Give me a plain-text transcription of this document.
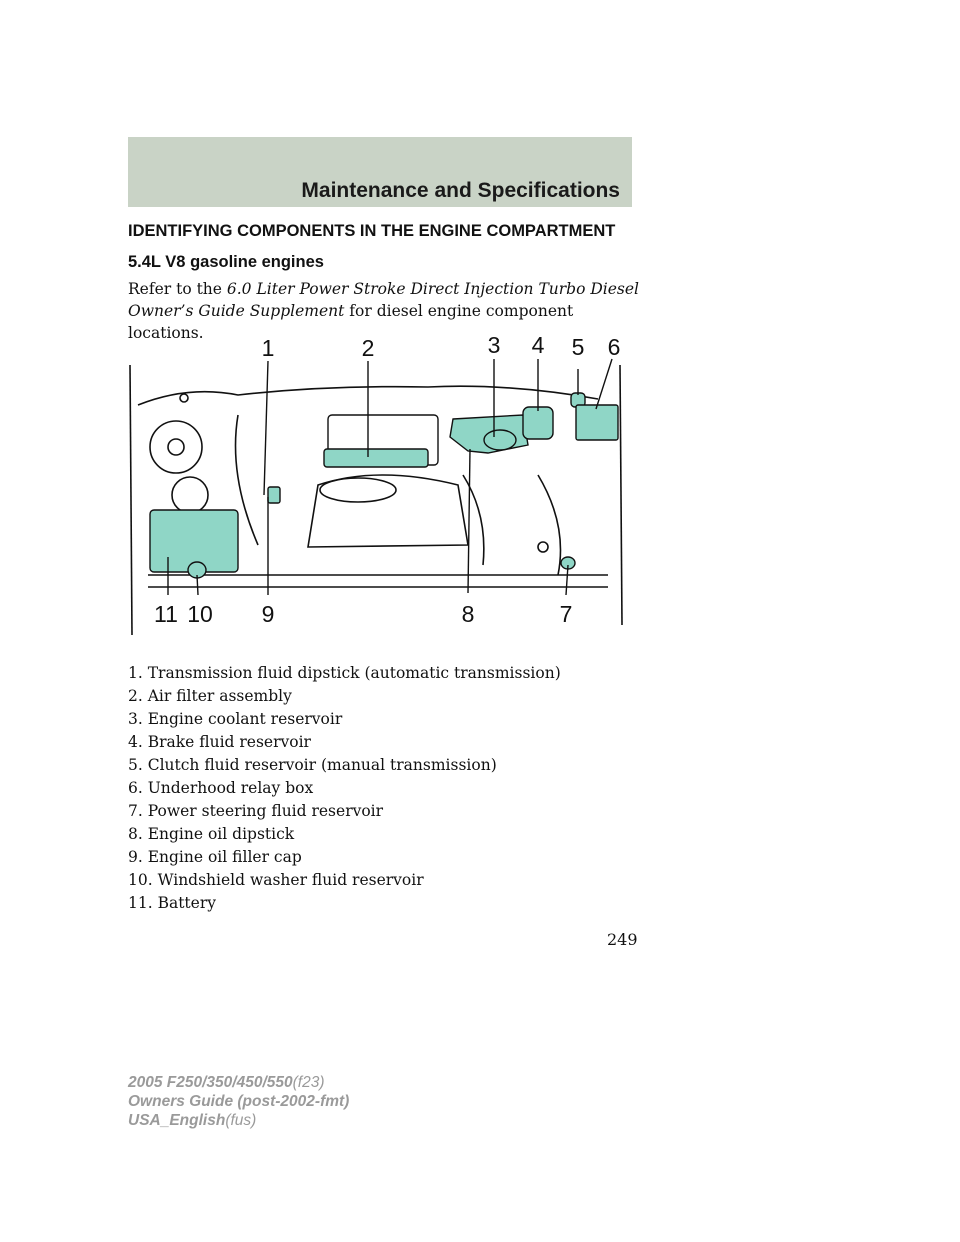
Maintenance and Specifications
IDENTIFYING COMPONENTS IN THE ENGINE COMPARTMENT
5.4L V8 gasoline engines
Refer to the 6.0 Liter Power Stroke Direct Injection Turbo Diesel Owner’s Guide Supplement for diesel engine component locations.
1	2	3 4 5 6
7
8
9
10
11
1. Transmission fluid dipstick (automatic transmission)
2. Air filter assembly
3. Engine coolant reservoir
4. Brake fluid reservoir
5. Clutch fluid reservoir (manual transmission)
6. Underhood relay box
7. Power steering fluid reservoir
8. Engine oil dipstick
9. Engine oil filler cap
10. Windshield washer fluid reservoir
11. Battery
249
2005 F250/350/450/550(f23)
Owners Guide (post-2002-fmt)
USA_English(fus)
